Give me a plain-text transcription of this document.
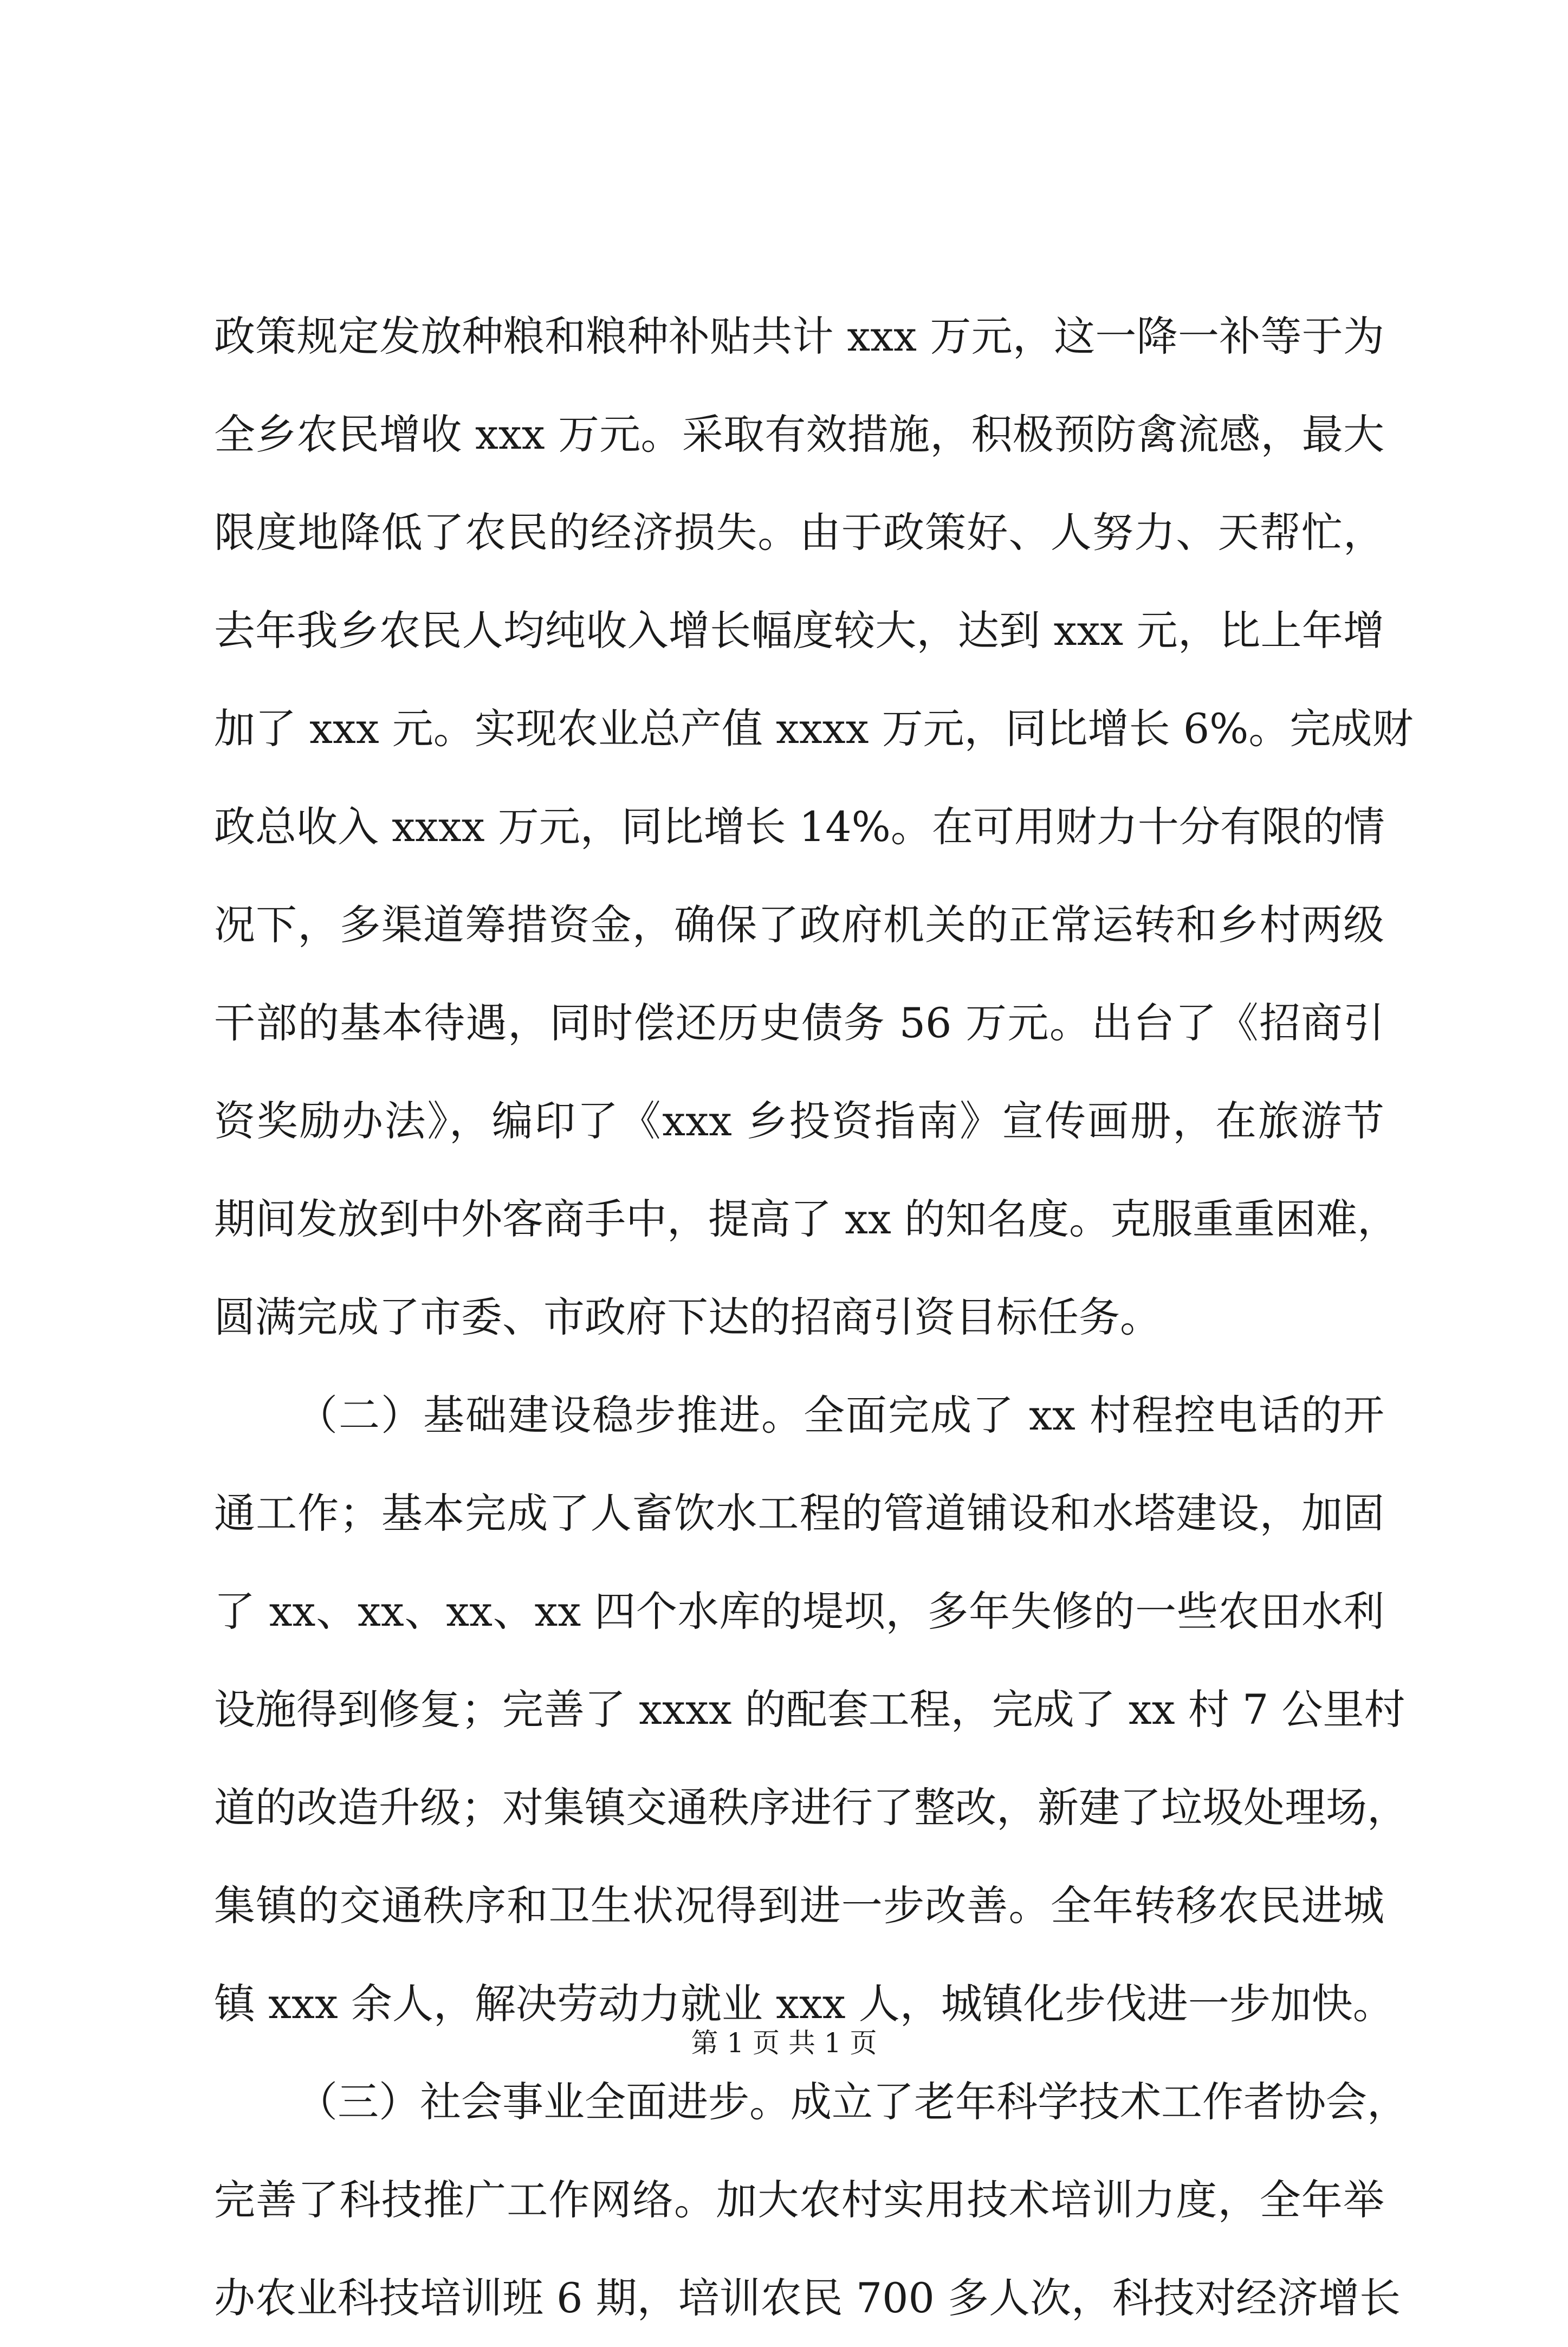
政策规定发放种粮和粮种补贴共计 xxx 万元，这一降一补等于为
全乡农民增收 xxx 万元。采取有效措施，积极预防禽流感，最大
限度地降低了农民的经济损失。由于政策好、人努力、天帮忙，
去年我乡农民人均纯收入增长幅度较大，达到 xxx 元，比上年增
加了 xxx 元。实现农业总产值 xxxx 万元，同比增长 6%。完成财
政总收入 xxxx 万元，同比增长 14%。在可用财力十分有限的情
况下，多渠道筹措资金，确保了政府机关的正常运转和乡村两级
干部的基本待遇，同时偿还历史债务 56 万元。出台了《招商引
资奖励办法》，编印了《xxx 乡投资指南》宣传画册，在旅游节
期间发放到中外客商手中，提高了 xx 的知名度。克服重重困难，
圆满完成了市委、市政府下达的招商引资目标任务。
（二）基础建设稳步推进。全面完成了 xx 村程控电话的开
通工作；基本完成了人畜饮水工程的管道铺设和水塔建设，加固
了 xx、xx、xx、xx 四个水库的堤坝，多年失修的一些农田水利
设施得到修复；完善了 xxxx 的配套工程，完成了 xx 村 7 公里村
道的改造升级；对集镇交通秩序进行了整改，新建了垃圾处理场，
集镇的交通秩序和卫生状况得到进一步改善。全年转移农民进城
镇 xxx 余人，解决劳动力就业 xxx 人，城镇化步伐进一步加快。
（三）社会事业全面进步。成立了老年科学技术工作者协会，
完善了科技推广工作网络。加大农村实用技术培训力度，全年举
办农业科技培训班 6 期，培训农民 700 多人次，科技对经济增长
第 1 页 共 1 页
